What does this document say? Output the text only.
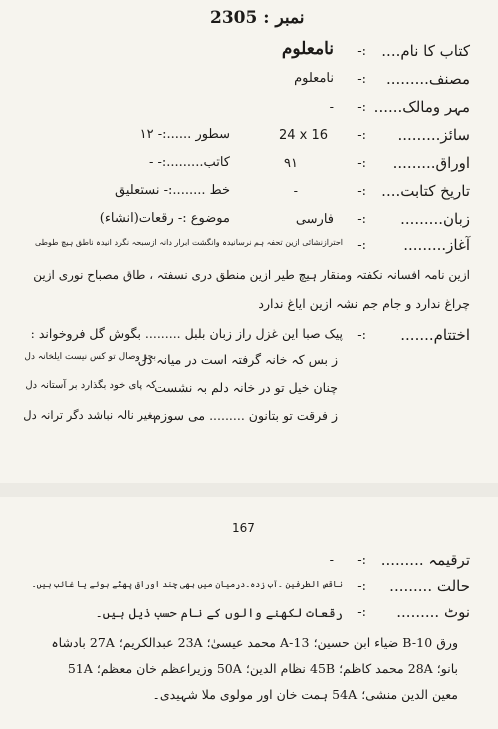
نمبر : 2305
کتاب کا نام....
:-
نامعلوم
مصنف.........
:-
نامعلوم
مہر ومالک......
:-
-
سائز.........
:-
24 x 16
سطور ......:- ۱۲
اوراق.........
:-
۹۱
کاتب.........:- -
تاریخ کتابت....
:-
-
خط ........:- نستعلیق
زبان.........
:-
فارسی
موضوع :- رقعات(انشاء)
آغاز.........
:-
احترازنشائی ازین تحفہ ہم نرسانیدہ وانگشت ابرار دانہ ازسبحہ نگرد انیدہ ناطق ہیچ طوطی
ازین نامہ افسانہ نکفتہ ومنقار ہیچ طیر ازین منطق دری نسفتہ ، طاق مصباح نوری ازین
چراغ ندارد و جام جم نشہ ازین ایاغ ندارد
اختتام.......
:-
پیک صبا این غزل راز زبان بلبل ......... بگوش گل فروخواند :
ز بس کہ خانہ گرفتہ است در میانہ دل
بجز وصال تو کس نیست ایلخانہ دل
چنان خیل تو در خانہ دلم بہ نشست
کہ پای خود بگذارد بر آستانہ دل
ز فرقت تو بتانون ......... می سوزم
بغیر نالہ نباشد دگر ترانہ دل
167
ترقیمہ .........
:-
-
حالت .........
:-
ناقص الطرفین ۔آب زدہ۔درمیان میں بھی چند اوراق پھٹے ہوئے یا غائب ہیں۔
نوٹ .........
:-
رقعات لکھنے والوں کے نام حسب ذیل ہیں۔
ورق B-10 ضیاء ابن حسین؛ A-13 محمد عیسیٰ؛ 23A عبدالکریم؛ 27A بادشاہ
بانو؛ 28A محمد کاظم؛ 45B نظام الدین؛ 50A وزیراعظم خان معظم؛ 51A
معین الدین منشی؛ 54A ہمت خان اور مولوی ملا شہیدی۔
